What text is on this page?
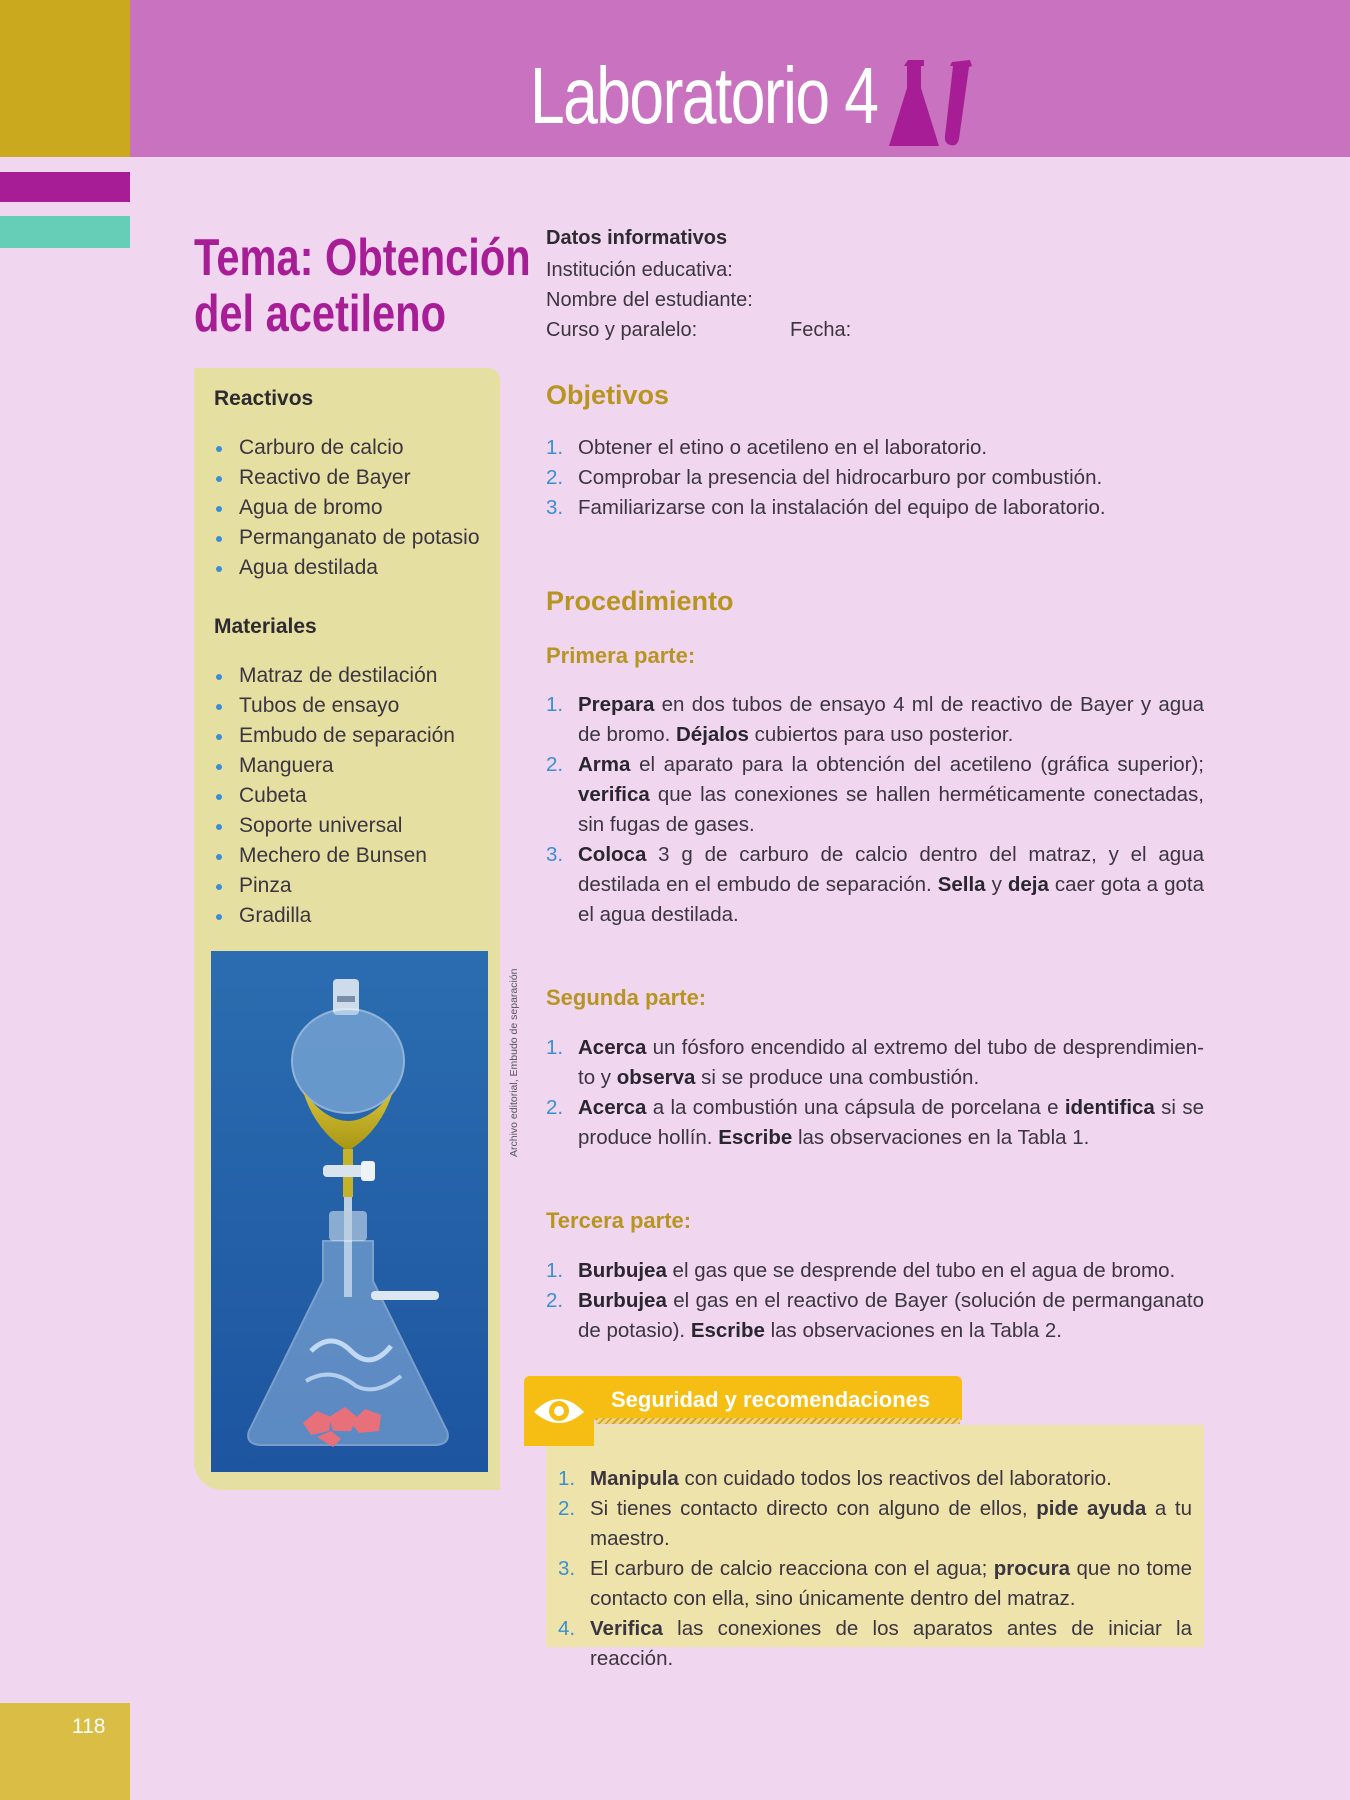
Laboratorio 4
Tema: Obtención
del acetileno
Reactivos
Carburo de calcio
Reactivo de Bayer
Agua de bromo
Permanganato de potasio
Agua destilada
Materiales
Matraz de destilación
Tubos de ensayo
Embudo de separación
Manguera
Cubeta
Soporte universal
Mechero de Bunsen
Pinza
Gradilla
Archivo editorial, Embudo de separación
Datos informativos
Institución educativa:
Nombre del estudiante:
Curso y paralelo:	Fecha:
Objetivos
1. Obtener el etino o acetileno en el laboratorio.
2. Comprobar la presencia del hidrocarburo por combustión.
3. Familiarizarse con la instalación del equipo de laboratorio.
Procedimiento
Primera parte:
1. Prepara en dos tubos de ensayo 4 ml de reactivo de Bayer y agua de bromo. Déjalos cubiertos para uso posterior.
2. Arma el aparato para la obtención del acetileno (gráfica superior); verifica que las conexiones se hallen herméticamente conectadas, sin fugas de gases.
3. Coloca 3 g de carburo de calcio dentro del matraz, y el agua destilada en el embudo de separación. Sella y deja caer gota a gota el agua destilada.
Segunda parte:
1. Acerca un fósforo encendido al extremo del tubo de desprendimiento y observa si se produce una combustión.
2. Acerca a la combustión una cápsula de porcelana e identifica si se produce hollín. Escribe las observaciones en la Tabla 1.
Tercera parte:
1. Burbujea el gas que se desprende del tubo en el agua de bromo.
2. Burbujea el gas en el reactivo de Bayer (solución de permanganato de potasio). Escribe las observaciones en la Tabla 2.
Seguridad y recomendaciones
1. Manipula con cuidado todos los reactivos del laboratorio.
2. Si tienes contacto directo con alguno de ellos, pide ayuda a tu maestro.
3. El carburo de calcio reacciona con el agua; procura que no tome contacto con ella, sino únicamente dentro del matraz.
4. Verifica las conexiones de los aparatos antes de iniciar la reacción.
118
